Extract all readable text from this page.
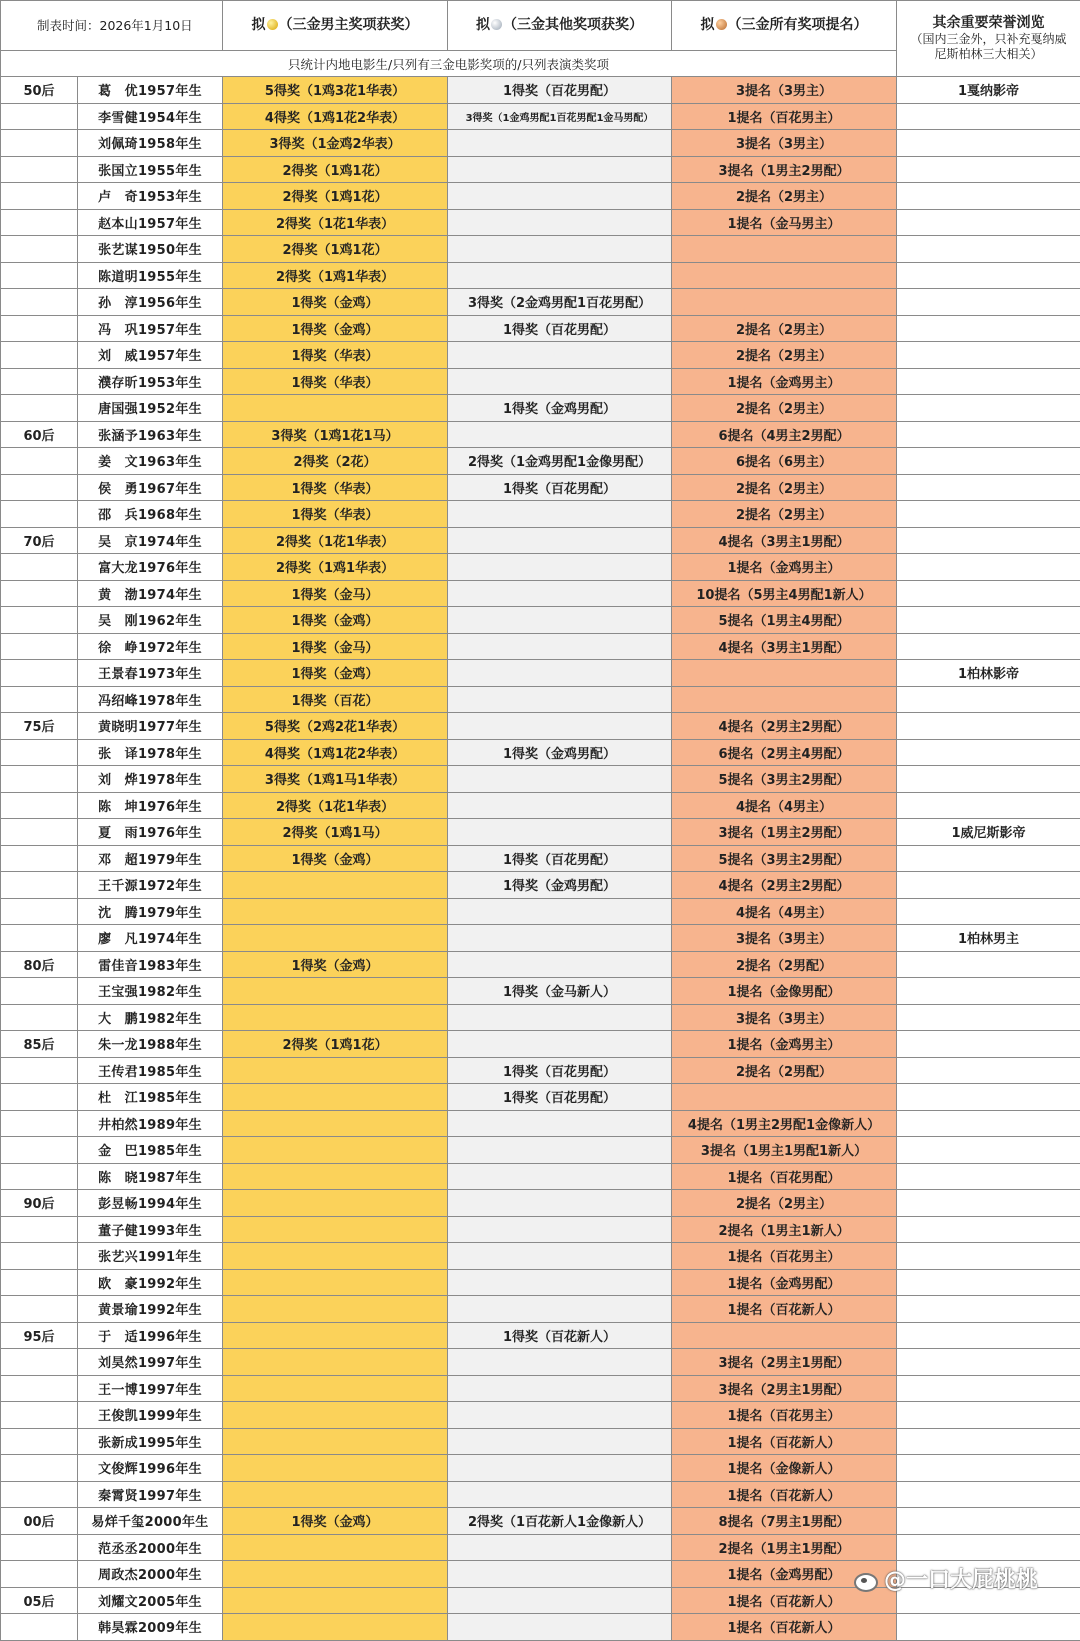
制表时间：2026年1月10日		拟 （三金男主奖项获奖）	拟 （三金其他奖项获奖）	拟 （三金所有奖项提名）	其余重要荣誉浏览
（国内三金外，只补充戛纳威
尼斯柏林三大相关）

只统计内地电影生/只列有三金电影奖项的/只列表演类奖项					
50后	葛　优1957年生	5得奖（1鸡3花1华表）	1得奖（百花男配）	3提名（3男主）	1戛纳影帝
	李雪健1954年生	4得奖（1鸡1花2华表）	3得奖（1金鸡男配1百花男配1金马男配）	1提名（百花男主）	
	刘佩琦1958年生	3得奖（1金鸡2华表）		3提名（3男主）	
	张国立1955年生	2得奖（1鸡1花）		3提名（1男主2男配）	
	卢　奇1953年生	2得奖（1鸡1花）		2提名（2男主）	
	赵本山1957年生	2得奖（1花1华表）		1提名（金马男主）	
	张艺谋1950年生	2得奖（1鸡1花）			
	陈道明1955年生	2得奖（1鸡1华表）			
	孙　淳1956年生	1得奖（金鸡）	3得奖（2金鸡男配1百花男配）		
	冯　巩1957年生	1得奖（金鸡）	1得奖（百花男配）	2提名（2男主）	
	刘　威1957年生	1得奖（华表）		2提名（2男主）	
	濮存昕1953年生	1得奖（华表）		1提名（金鸡男主）	
	唐国强1952年生		1得奖（金鸡男配）	2提名（2男主）	
60后	张涵予1963年生	3得奖（1鸡1花1马）		6提名（4男主2男配）	
	姜　文1963年生	2得奖（2花）	2得奖（1金鸡男配1金像男配）	6提名（6男主）	
	侯　勇1967年生	1得奖（华表）	1得奖（百花男配）	2提名（2男主）	
	邵　兵1968年生	1得奖（华表）		2提名（2男主）	
70后	吴　京1974年生	2得奖（1花1华表）		4提名（3男主1男配）	
	富大龙1976年生	2得奖（1鸡1华表）		1提名（金鸡男主）	
	黄　渤1974年生	1得奖（金马）		10提名（5男主4男配1新人）	
	吴　刚1962年生	1得奖（金鸡）		5提名（1男主4男配）	
	徐　峥1972年生	1得奖（金马）		4提名（3男主1男配）	
	王景春1973年生	1得奖（金鸡）			1柏林影帝
	冯绍峰1978年生	1得奖（百花）			
75后	黄晓明1977年生	5得奖（2鸡2花1华表）		4提名（2男主2男配）	
	张　译1978年生	4得奖（1鸡1花2华表）	1得奖（金鸡男配）	6提名（2男主4男配）	
	刘　烨1978年生	3得奖（1鸡1马1华表）		5提名（3男主2男配）	
	陈　坤1976年生	2得奖（1花1华表）		4提名（4男主）	
	夏　雨1976年生	2得奖（1鸡1马）		3提名（1男主2男配）	1威尼斯影帝
	邓　超1979年生	1得奖（金鸡）	1得奖（百花男配）	5提名（3男主2男配）	
	王千源1972年生		1得奖（金鸡男配）	4提名（2男主2男配）	
	沈　腾1979年生			4提名（4男主）	
	廖　凡1974年生			3提名（3男主）	1柏林男主
80后	雷佳音1983年生	1得奖（金鸡）		2提名（2男配）	
	王宝强1982年生		1得奖（金马新人）	1提名（金像男配）	
	大　鹏1982年生			3提名（3男主）	
85后	朱一龙1988年生	2得奖（1鸡1花）		1提名（金鸡男主）	
	王传君1985年生		1得奖（百花男配）	2提名（2男配）	
	杜　江1985年生		1得奖（百花男配）		
	井柏然1989年生			4提名（1男主2男配1金像新人）	
	金　巴1985年生			3提名（1男主1男配1新人）	
	陈　晓1987年生			1提名（百花男配）	
90后	彭昱畅1994年生			2提名（2男主）	
	董子健1993年生			2提名（1男主1新人）	
	张艺兴1991年生			1提名（百花男主）	
	欧　豪1992年生			1提名（金鸡男配）	
	黄景瑜1992年生			1提名（百花新人）	
95后	于　适1996年生		1得奖（百花新人）		
	刘昊然1997年生			3提名（2男主1男配）	
	王一博1997年生			3提名（2男主1男配）	
	王俊凯1999年生			1提名（百花男主）	
	张新成1995年生			1提名（百花新人）	
	文俊辉1996年生			1提名（金像新人）	
	秦霄贤1997年生			1提名（百花新人）	
00后	易烊千玺2000年生	1得奖（金鸡）	2得奖（1百花新人1金像新人）	8提名（7男主1男配）	
	范丞丞2000年生			2提名（1男主1男配）	
	周政杰2000年生			1提名（金鸡男配）	
05后	刘耀文2005年生			1提名（百花新人）	
	韩昊霖2009年生			1提名（百花新人）	
@一口大屁桃桃
